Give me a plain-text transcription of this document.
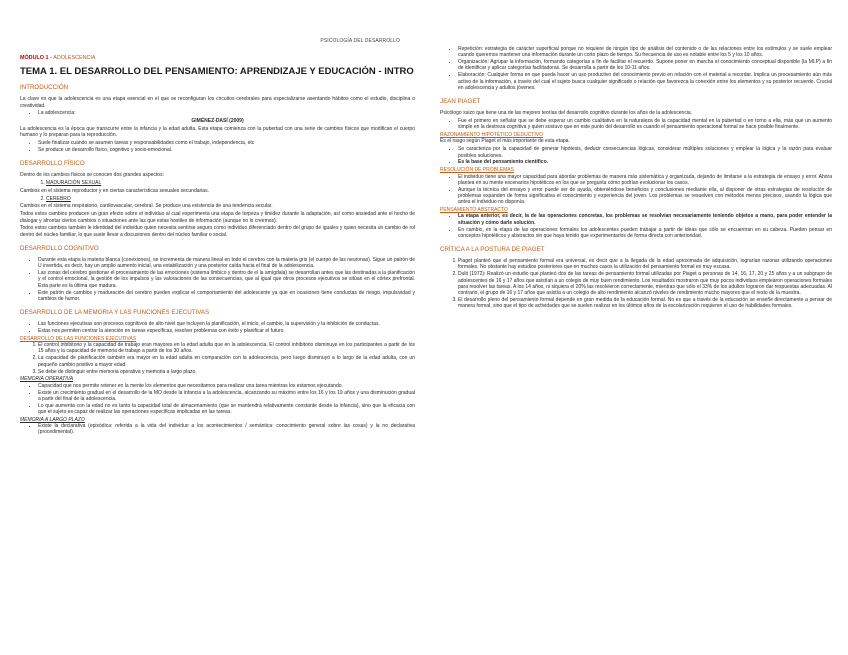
PSICOLOGÍA DEL DESARROLLO
MÓDULO 1 - ADOLESCENCIA
TEMA 1. EL DESARROLLO DEL PENSAMIENTO: APRENDIZAJE Y EDUCACIÓN - INTRO
INTRODUCCIÓN

La clave es que la adolescencia es una etapa esencial en el que se reconfiguran los circuitos cerebrales para especializarse asentando hábitos como el estudio, disciplina o creatividad.

• La adolescencia:

GIMÉNEZ-DASÍ (2009)

La adolescencia es la época que transcurre entre la infancia y la edad adulta. Esta etapa comienza con la pubertad con una serie de cambios físicos que modifican el cuerpo humano y lo preparan para la reproducción.

• Suele finalizar cuando se asumen tareas y responsabilidades como el trabajo, independencia, etc
• Se produce un desarrollo físico, cognitivo y socio-emocional.
DESARROLLO FÍSICO

Dentro de los cambios físicos se conocen dos grandes aspectos:

1. MADURACIÓN SEXUAL

Cambios en el sistema reproductor y en ciertas características sexuales secundarias.

2. CEREBRO

Cambios en el sistema respiratorio, cardiovascular, cerebral. Se produce una existencia de una tendencia secular.

Todos estos cambios producen un gran efecto sobre el individuo al cual experimenta una etapa de torpeza y timidez durante la adaptación, así como ansiedad ante el hecho de dialogar y afrontar ciertos cambios o situaciones ante las que estas hostiles de información (aunque no lo creemos).

Todos estos cambios también le identidad del individuo quien necesita sentirse seguro como individuo diferenciado dentro del grupo de iguales y quien necesita un cambio de rol dentro del núcleo familiar, lo que suele llevar a discusiones dentro del núcleo familiar o social.

DESARROLLO COGNITIVO
• Durante esta etapa la materia blanca (conexiones), se incrementa de manera lineal en todo el cerebro con la materia gris (el cuerpo de las neuronas). Sigue un patrón de U invertida, es decir, hay un amplio aumento inicial, una estabilización y una posterior caída hacia el final de la adolescencia.
• Las zonas del cerebro gestionar el procesamiento de las emociones (sistema límbico y dentro de el la amígdala) se desarrollan antes que las destinadas a la planificación y el control emocional, la gestión de los impulsos y las valoraciones de las consecuencias, que al igual que otros procesos ejecutivos se sitúan en el córtex prefrontal. Esta parte es la última que madura.
• Este patrón de cambios y maduración del cerebro pueden explicar el comportamiento del adolescente ya que en ocasiones tiene conductas de riesgo, impulsividad y cambios de humor.
DESARROLLO DE LA MEMORIA Y LAS FUNCIONES EJECUTIVAS
• Las funciones ejecutivas son procesos cognitivos de alto nivel que incluyen la planificación, el inicio, el cambio, la supervisión y la inhibición de conductas.
• Estas nos permiten centrar la atención en tareas específicas, resolver problemas con éxito y planificar el futuro.
DESARROLLO DE LAS FUNCIONES EJECUTIVAS
1. El control inhibitorio y la capacidad de trabajo eran mayores en la edad adulta que en la adolescencia. El control inhibitorio disminuye en los participantes a partir de los 15 años y la capacidad de memoria de trabajo a partir de los 30 años.
2. La capacidad de planificación también era mayor en la edad adulta en comparación con la adolescencia, pero luego disminuyó a lo largo de la edad adulta, con un pequeño cambio positivo a mayor edad.
3. Se debe de distinguir entre memoria operativa y memoria a largo plazo.
MEMORIA OPERATIVA
• Capacidad que nos permite retener en la mente los elementos que necesitamos para realizar una tarea mientras los estamos ejecutando.
• Existe un crecimiento gradual en el desarrollo de la MO desde la infancia a la adolescencia, alcanzando su máximo entre los 16 y los 19 años y una disminución gradual a partir del final de la adolescencia.
• Lo que aumenta con la edad no es tanto la capacidad total de almacenamiento (que se mantendrá relativamente constante desde la infancia), sino que la eficacia con que el sujeto es capaz de realizar las operaciones específicas implicadas en las tareas.
MEMORIA A LARGO PLAZO
• Existe la declarativa (episódica: referida a la vida del individuo a los acontecimientos / semántica: conocimiento general sobre las cosas) y la no declarativa (procedimental).
• Repetición: estrategia de carácter superficial porque no requiere de ningún tipo de análisis del contenido o de las relaciones entre los estímulos y se suele emplear cuando queremos mantener una información durante un corto plazo de tiempo. Su frecuencia de uso es notable entre los 5 y los 10 años.
• Organización: Agrupar la información, formando categorías a fin de facilitar el recuerdo. Supone poner en marcha el conocimiento conceptual disponible (la MLP) a fin de identificar y aplicar categorías facilitadoras. Se desarrolla a partir de los 10-11 años.
• Elaboración: Cualquier forma en que pueda hacer un uso productivo del conocimiento previo en relación con el material a recordar. Implica un procesamiento aún más activo de la información, a través del cual el sujeto busca cualquier significado o relación que favorezca la conexión entre los elementos y su posterior recuerdo. Crucial en adolescencia y adultos jóvenes.
JEAN PIAGET

Psicólogo suizo que tiene una de las mejores teorías del desarrollo cognitivo durante los años de la adolescencia.

• Fue el primero en señalar que se debe esperar un cambio cualitativo en la naturaleza de la capacidad mental en la pubertad o en torno a ella, más que un aumento simple en la destreza cognitiva y quien sostuvo que en este punto del desarrollo es cuando el pensamiento operacional formal se hace posible finalmente.
RAZONAMIENTO HIPOTÉTICO DEDUCTIVO

Es el rasgo según Piaget el más importante de esta etapa.

• Se caracteriza por la capacidad de generar hipótesis, deducir consecuencias lógicas, considerar múltiples soluciones y emplear la lógica y la razón para evaluar posibles soluciones.
• Es la base del pensamiento científico.
RESOLUCIÓN DE PROBLEMAS
• El individuo tiene una mayor capacidad para abordar problemas de manera más sistemática y organizada, dejando de limitarse a la estrategia de ensayo y error. Ahora plantea en su mente escenarios hipotéticos en los que se pregunta cómo podrían evolucionar los casos.
• Aunque la técnica del ensayo y error puede ser de ayuda, obteniéndose beneficios y conclusiones mediante ella, al disponer de otras estrategias de resolución de problemas expanden de forma significativa el conocimiento y experiencia del joven. Los problemas se resuelven con métodos menos precisos, usando la lógica que antes el individuo no disponía.
PENSAMIENTO ABSTRACTO
• La etapa anterior, es decir, la de las operaciones concretas, los problemas se resolvían necesariamente teniendo objetos a mano, para poder entender la situación y cómo darle solución.
• En cambio, en la etapa de las operaciones formales los adolescentes pueden trabajar a partir de ideas que sólo se encuentran en su cabeza. Pueden pensar en conceptos hipotéticos y abstractos sin que haya tenido que experimentarlos de forma directa con anterioridad.
CRÍTICA A LA POSTURA DE PIAGET
1. Piaget planteó que el pensamiento formal era universal, es decir que a la llegada de la edad aproximada de adquisición, lograrían razonar utilizando operaciones formales. No obstante hay estudios posteriores que en muchos casos la utilización del pensamiento formal es muy escasa.
2. Dulit (1972): Realizó un estudio que planteó dos de las tareas de pensamiento formal utilizadas por Piaget a personas de 14, 16, 17, 20 y 25 años y a un subgrupo de adolescentes de 16 y 17 años que asistían a un colegio de muy buen rendimiento. Los resultados mostraron que muy pocos individuos emplearon operaciones formales para resolver las tareas. A los 14 años, ni siquiera el 20% las resolvieron correctamente, mientras que sólo el 33% de los adultos lograron dar respuestas adecuadas. Al contrario, el grupo de 16 y 17 años que asistía a un colegio de alto rendimiento alcanzó niveles de rendimiento mucho mayores que el resto de la muestra.
3. El desarrollo pleno del pensamiento formal depende en gran medida de la educación formal. No es que a través de la educación se enseñe directamente a pensar de manera formal, sino que el tipo de actividades que se suelen realizar en los últimos años de la escolarización requieren el uso de habilidades formales.
